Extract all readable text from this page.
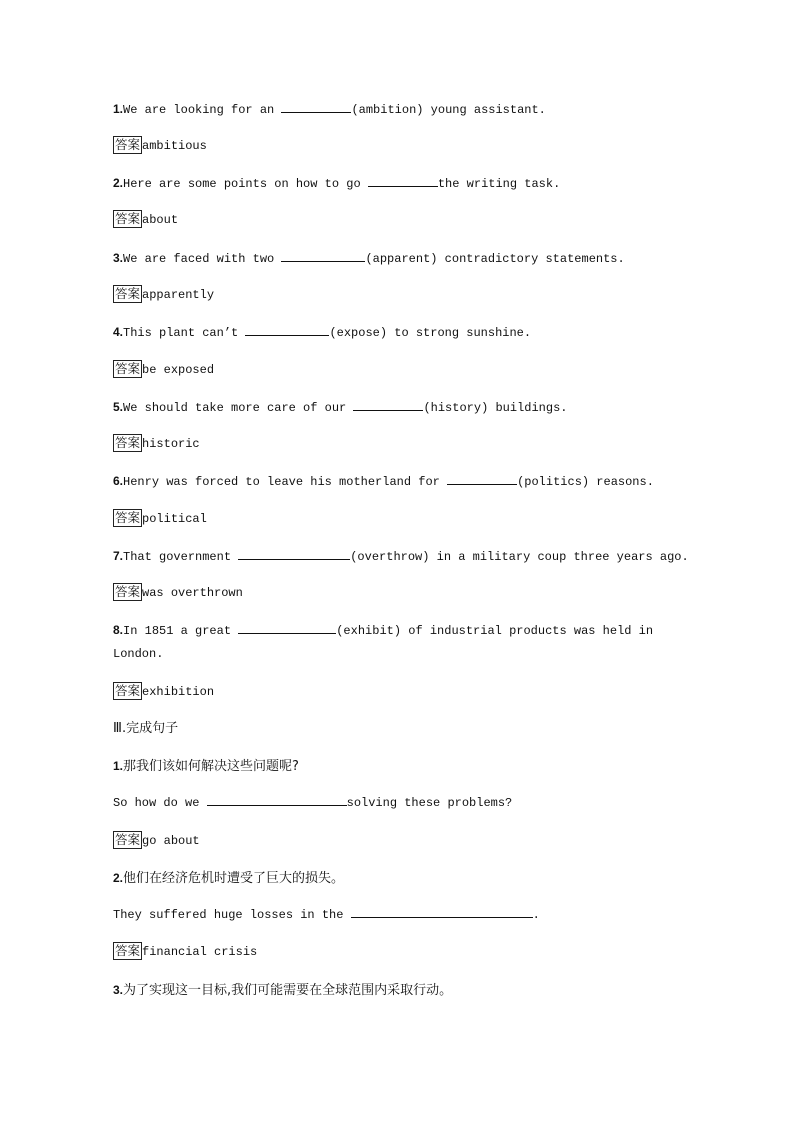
1.We are looking for an	(ambition) young assistant.
答案 ambitious
2.Here are some points on how to go	the writing task.
答案 about
3.We are faced with two	(apparent) contradictory statements.
答案 apparently
4.This plant can’t	(expose) to strong sunshine.
答案 be exposed
5.We should take more care of our	(history) buildings.
答案 historic
6.Henry was forced to leave his motherland for	(politics) reasons.
答案 political
7.That government	(overthrow) in a military coup three years ago.
答案 was overthrown
8.In 1851 a great	(exhibit) of industrial products was held in
London.
答案 exhibition
Ⅲ.完成句子
1.那我们该如何解决这些问题呢?
So how do we	solving these problems?
答案 go about
2.他们在经济危机时遭受了巨大的损失。
They suffered huge losses in the	.
答案 financial crisis
3.为了实现这一目标,我们可能需要在全球范围内采取行动。
